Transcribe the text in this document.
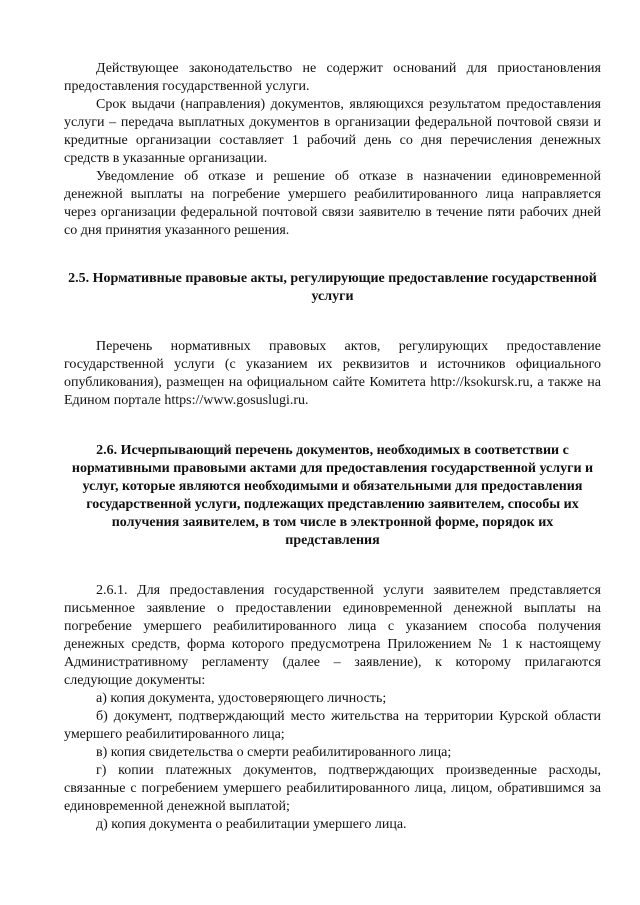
Действующее законодательство не содержит оснований для приостановления предоставления государственной услуги.

Срок выдачи (направления) документов, являющихся результатом предоставления услуги – передача выплатных документов в организации федеральной почтовой связи и кредитные организации составляет 1 рабочий день со дня перечисления денежных средств в указанные организации.

Уведомление об отказе и решение об отказе в назначении единовременной денежной выплаты на погребение умершего реабилитированного лица направляется через организации федеральной почтовой связи заявителю в течение пяти рабочих дней со дня принятия указанного решения.

2.5. Нормативные правовые акты, регулирующие предоставление государственной услуги

Перечень нормативных правовых актов, регулирующих предоставление государственной услуги (с указанием их реквизитов и источников официального опубликования), размещен на официальном сайте Комитета http://ksokursk.ru, а также на Едином портале https://www.gosuslugi.ru.

2.6. Исчерпывающий перечень документов, необходимых в соответствии с нормативными правовыми актами для предоставления государственной услуги и услуг, которые являются необходимыми и обязательными для предоставления государственной услуги, подлежащих представлению заявителем, способы их получения заявителем, в том числе в электронной форме, порядок их представления

2.6.1. Для предоставления государственной услуги заявителем представляется письменное заявление о предоставлении единовременной денежной выплаты на погребение умершего реабилитированного лица с указанием способа получения денежных средств, форма которого предусмотрена Приложением № 1 к настоящему Административному регламенту (далее – заявление), к которому прилагаются следующие документы:

а) копия документа, удостоверяющего личность;

б) документ, подтверждающий место жительства на территории Курской области умершего реабилитированного лица;

в) копия свидетельства о смерти реабилитированного лица;

г) копии платежных документов, подтверждающих произведенные расходы, связанные с погребением умершего реабилитированного лица, лицом, обратившимся за единовременной денежной выплатой;

д) копия документа о реабилитации умершего лица.
